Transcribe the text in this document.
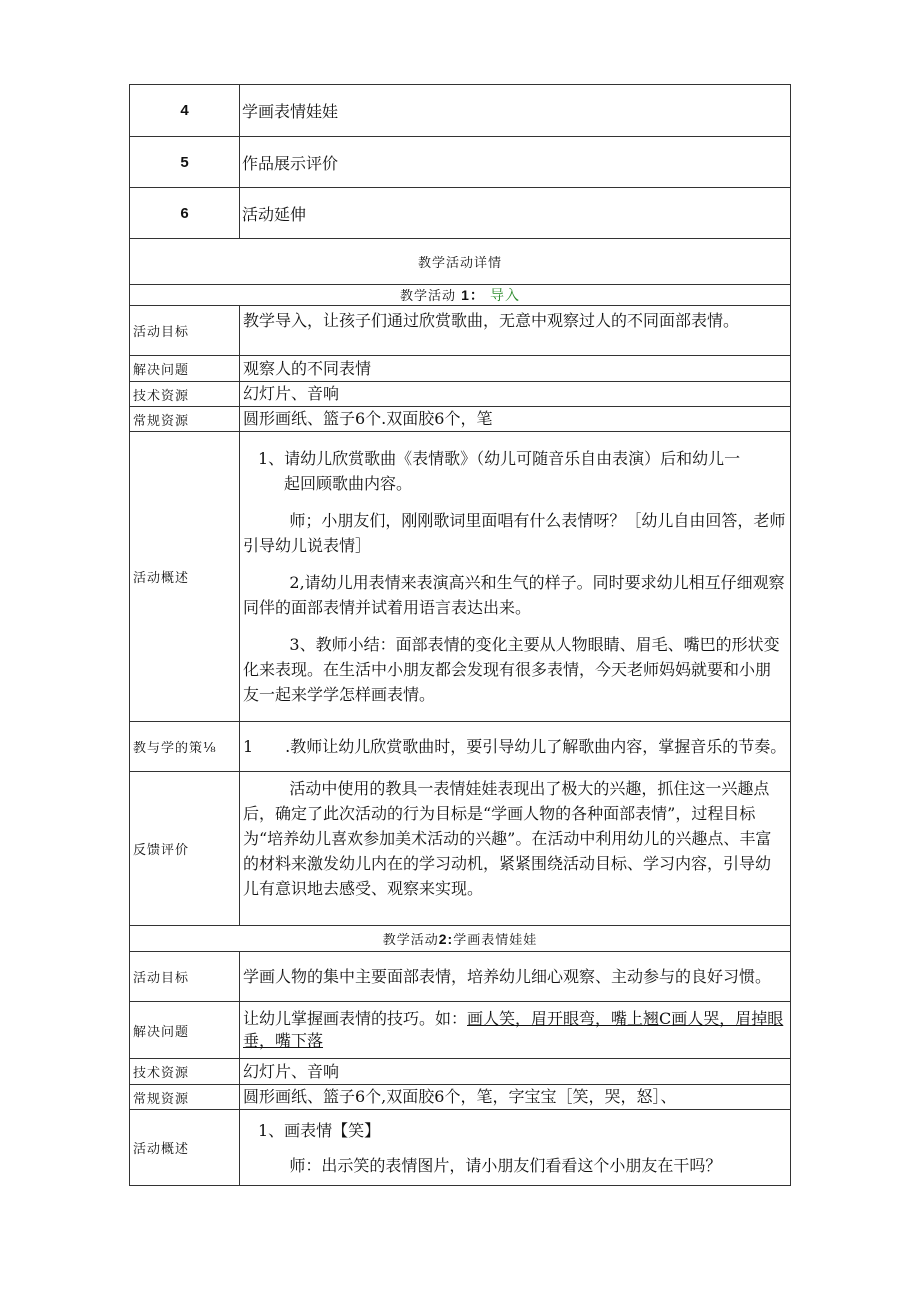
4	学画表情娃娃
5	作品展示评价
6	活动延伸
教学活动详情	
教学活动 1： 导入	
活动目标	教学导入，让孩子们通过欣赏歌曲，无意中观察过人的不同面部表情。
解决问题	观察人的不同表情
技术资源	幻灯片、音响
常规资源	圆形画纸、篮子6个.双面胶6个，笔
活动概述	1、请幼儿欣赏歌曲《表情歌》（幼儿可随音乐自由表演）后和幼儿一

起回顾歌曲内容。

师；小朋友们，刚刚歌词里面唱有什么表情呀？［幼儿自由回答，老师引导幼儿说表情］

2,请幼儿用表情来表演高兴和生气的样子。同时要求幼儿相互仔细观察同伴的面部表情并试着用语言表达出来。

3、教师小结：面部表情的变化主要从人物眼睛、眉毛、嘴巴的形状变化来表现。在生活中小朋友都会发现有很多表情，今天老师妈妈就要和小朋友一起来学学怎样画表情。

教与学的策⅛	1　　.教师让幼儿欣赏歌曲时，要引导幼儿了解歌曲内容，掌握音乐的节奏。
反馈评价	活动中使用的教具一表情娃娃表现出了极大的兴趣，抓住这一兴趣点后，确定了此次活动的行为目标是“学画人物的各种面部表情”，过程目标为“培养幼儿喜欢参加美术活动的兴趣”。在活动中利用幼儿的兴趣点、丰富的材料来激发幼儿内在的学习动机，紧紧围绕活动目标、学习内容，引导幼儿有意识地去感受、观察来实现。

教学活动2:学画表情娃娃	
活动目标	学画人物的集中主要面部表情，培养幼儿细心观察、主动参与的良好习惯。
解决问题	让幼儿掌握画表情的技巧。如：画人笑，眉开眼弯，嘴上翘C画人哭，眉掉眼垂，嘴下落
技术资源	幻灯片、音响
常规资源	圆形画纸、篮子6个,双面胶6个，笔，字宝宝［笑，哭，怒］、
活动概述	1、画表情【笑】

师：出示笑的表情图片，请小朋友们看看这个小朋友在干吗？
